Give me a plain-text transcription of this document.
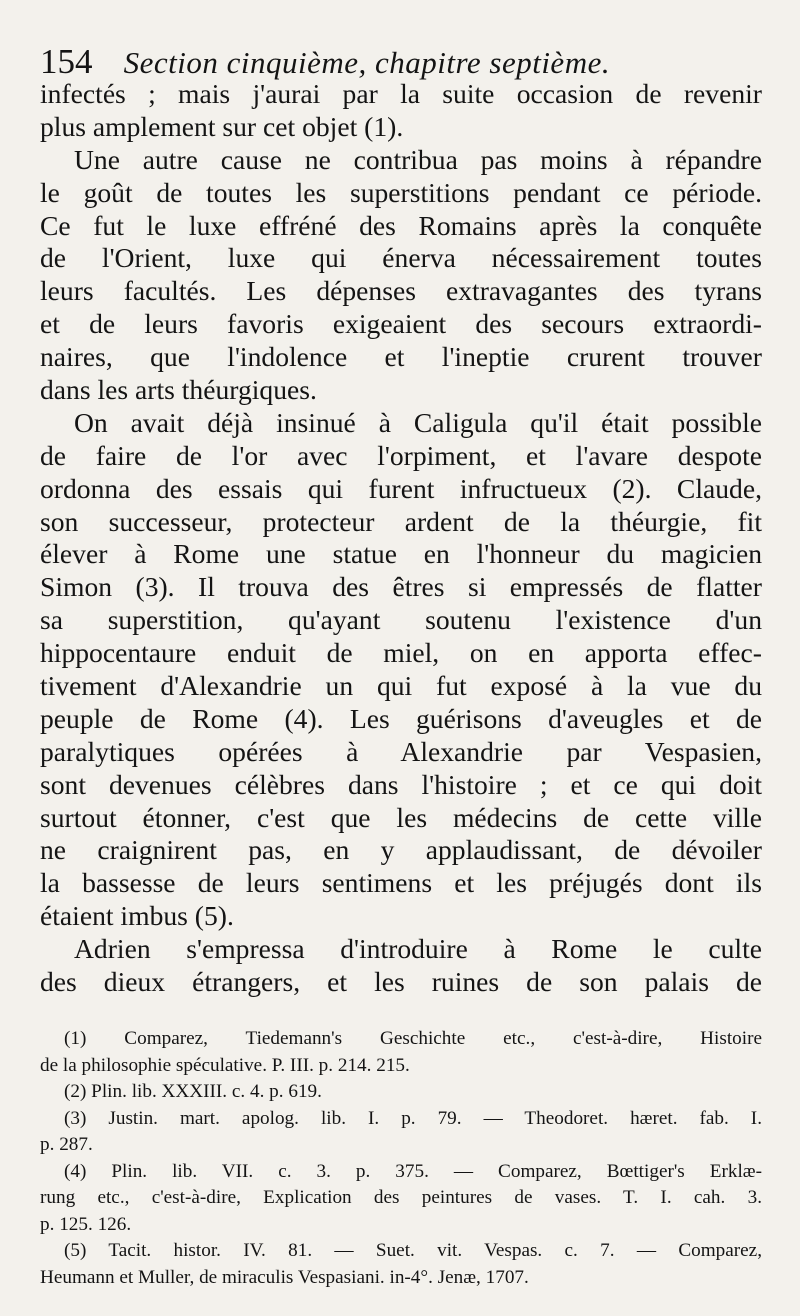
154 Section cinquième, chapitre septième.
infectés ; mais j'aurai par la suite occasion de revenir
plus amplement sur cet objet (1).
Une autre cause ne contribua pas moins à répandre
le goût de toutes les superstitions pendant ce période.
Ce fut le luxe effréné des Romains après la conquête
de l'Orient, luxe qui énerva nécessairement toutes
leurs facultés. Les dépenses extravagantes des tyrans
et de leurs favoris exigeaient des secours extraordi-
naires, que l'indolence et l'ineptie crurent trouver
dans les arts théurgiques.
On avait déjà insinué à Caligula qu'il était possible
de faire de l'or avec l'orpiment, et l'avare despote
ordonna des essais qui furent infructueux (2). Claude,
son successeur, protecteur ardent de la théurgie, fit
élever à Rome une statue en l'honneur du magicien
Simon (3). Il trouva des êtres si empressés de flatter
sa superstition, qu'ayant soutenu l'existence d'un
hippocentaure enduit de miel, on en apporta effec-
tivement d'Alexandrie un qui fut exposé à la vue du
peuple de Rome (4). Les guérisons d'aveugles et de
paralytiques opérées à Alexandrie par Vespasien,
sont devenues célèbres dans l'histoire ; et ce qui doit
surtout étonner, c'est que les médecins de cette ville
ne craignirent pas, en y applaudissant, de dévoiler
la bassesse de leurs sentimens et les préjugés dont ils
étaient imbus (5).
Adrien s'empressa d'introduire à Rome le culte
des dieux étrangers, et les ruines de son palais de
(1) Comparez, Tiedemann's Geschichte etc., c'est-à-dire, Histoire
de la philosophie spéculative. P. III. p. 214. 215.
(2) Plin. lib. XXXIII. c. 4. p. 619.
(3) Justin. mart. apolog. lib. I. p. 79. — Theodoret. hæret. fab. I.
p. 287.
(4) Plin. lib. VII. c. 3. p. 375. — Comparez, Bœttiger's Erklæ-
rung etc., c'est-à-dire, Explication des peintures de vases. T. I. cah. 3.
p. 125. 126.
(5) Tacit. histor. IV. 81. — Suet. vit. Vespas. c. 7. — Comparez,
Heumann et Muller, de miraculis Vespasiani. in-4°. Jenæ, 1707.
